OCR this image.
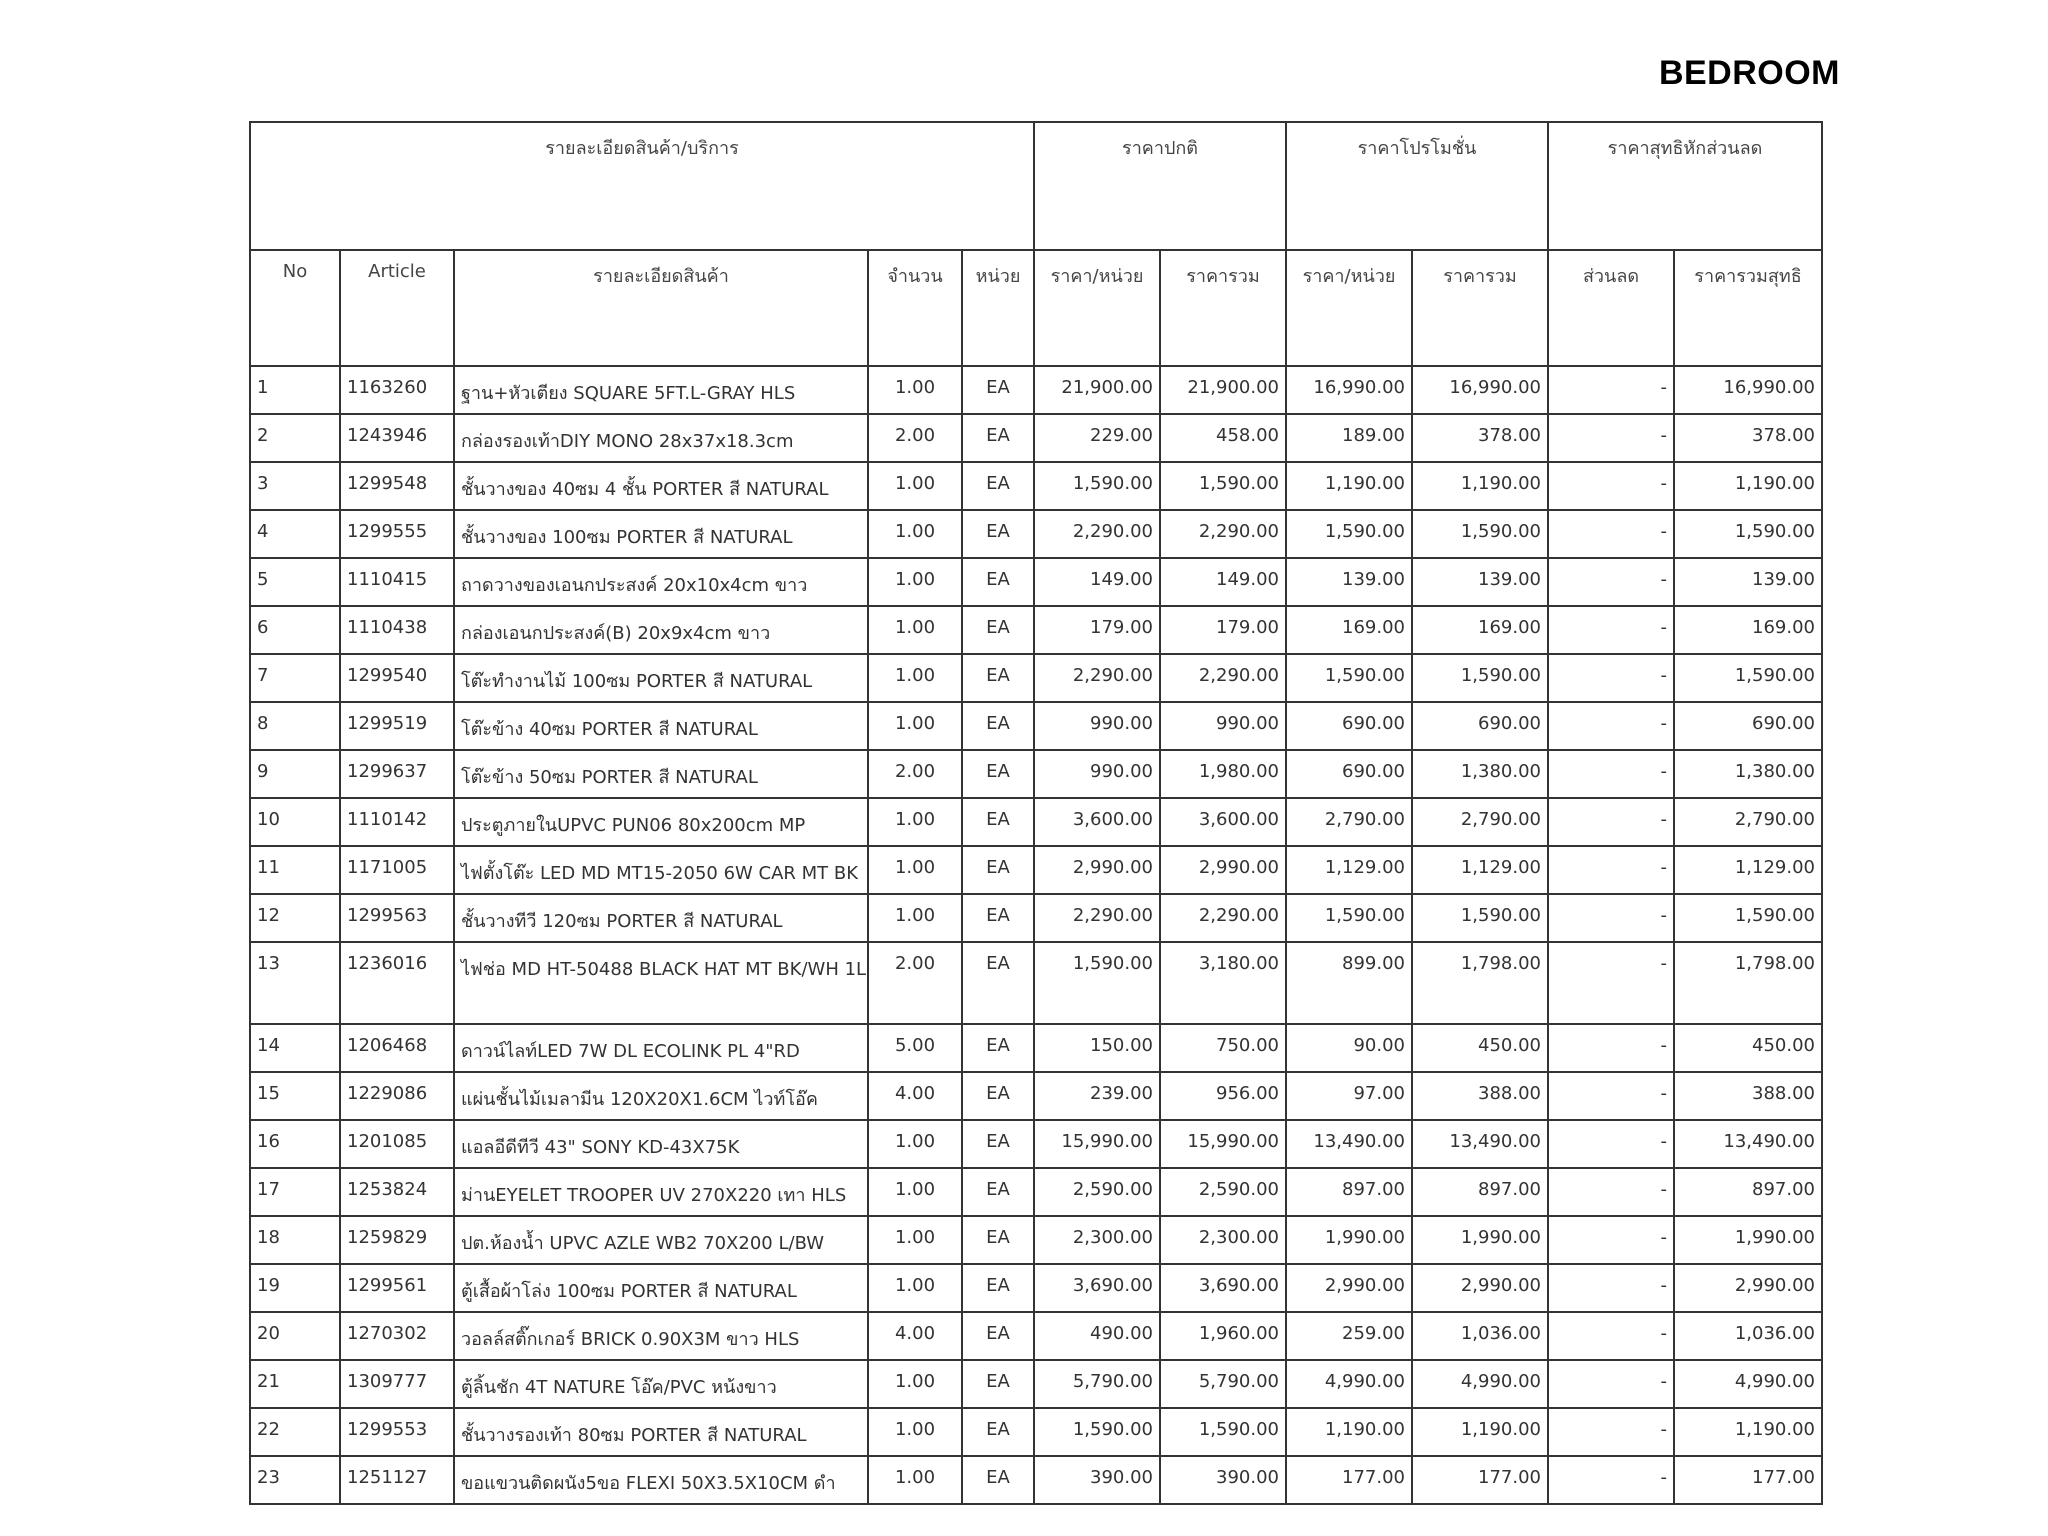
BEDROOM
รายละเอียดสินค้า/บริการ					ราคาปกติ		ราคาโปรโมชั่น		ราคาสุทธิหักส่วนลด	
No	Article	รายละเอียดสินค้า	จำนวน	หน่วย	ราคา/หน่วย	ราคารวม	ราคา/หน่วย	ราคารวม	ส่วนลด	ราคารวมสุทธิ
1	1163260	ฐาน+หัวเตียง SQUARE 5FT.L-GRAY HLS	1.00	EA	21,900.00	21,900.00	16,990.00	16,990.00	-	16,990.00
2	1243946	กล่องรองเท้าDIY MONO 28x37x18.3cm	2.00	EA	229.00	458.00	189.00	378.00	-	378.00
3	1299548	ชั้นวางของ 40ซม 4 ชั้น PORTER สี NATURAL	1.00	EA	1,590.00	1,590.00	1,190.00	1,190.00	-	1,190.00
4	1299555	ชั้นวางของ 100ซม PORTER สี NATURAL	1.00	EA	2,290.00	2,290.00	1,590.00	1,590.00	-	1,590.00
5	1110415	ถาดวางของเอนกประสงค์ 20x10x4cm ขาว	1.00	EA	149.00	149.00	139.00	139.00	-	139.00
6	1110438	กล่องเอนกประสงค์(B) 20x9x4cm ขาว	1.00	EA	179.00	179.00	169.00	169.00	-	169.00
7	1299540	โต๊ะทำงานไม้ 100ซม PORTER สี NATURAL	1.00	EA	2,290.00	2,290.00	1,590.00	1,590.00	-	1,590.00
8	1299519	โต๊ะข้าง 40ซม PORTER สี NATURAL	1.00	EA	990.00	990.00	690.00	690.00	-	690.00
9	1299637	โต๊ะข้าง 50ซม PORTER สี NATURAL	2.00	EA	990.00	1,980.00	690.00	1,380.00	-	1,380.00
10	1110142	ประตูภายในUPVC PUN06 80x200cm MP	1.00	EA	3,600.00	3,600.00	2,790.00	2,790.00	-	2,790.00
11	1171005	ไฟตั้งโต๊ะ LED MD MT15-2050 6W CAR MT BK	1.00	EA	2,990.00	2,990.00	1,129.00	1,129.00	-	1,129.00
12	1299563	ชั้นวางทีวี 120ซม PORTER สี NATURAL	1.00	EA	2,290.00	2,290.00	1,590.00	1,590.00	-	1,590.00
13	1236016	ไฟช่อ MD HT-50488 BLACK HAT MT BK/WH 1L	2.00	EA	1,590.00	3,180.00	899.00	1,798.00	-	1,798.00
14	1206468	ดาวน์ไลท์LED 7W DL ECOLINK PL 4"RD	5.00	EA	150.00	750.00	90.00	450.00	-	450.00
15	1229086	แผ่นชั้นไม้เมลามีน 120X20X1.6CM ไวท์โอ๊ค	4.00	EA	239.00	956.00	97.00	388.00	-	388.00
16	1201085	แอลอีดีทีวี 43" SONY KD-43X75K	1.00	EA	15,990.00	15,990.00	13,490.00	13,490.00	-	13,490.00
17	1253824	ม่านEYELET TROOPER UV 270X220 เทา HLS	1.00	EA	2,590.00	2,590.00	897.00	897.00	-	897.00
18	1259829	ปต.ห้องน้ำ UPVC AZLE WB2 70X200 L/BW	1.00	EA	2,300.00	2,300.00	1,990.00	1,990.00	-	1,990.00
19	1299561	ตู้เสื้อผ้าโล่ง 100ซม PORTER สี NATURAL	1.00	EA	3,690.00	3,690.00	2,990.00	2,990.00	-	2,990.00
20	1270302	วอลล์สติ๊กเกอร์ BRICK 0.90X3M ขาว HLS	4.00	EA	490.00	1,960.00	259.00	1,036.00	-	1,036.00
21	1309777	ตู้ลิ้นชัก 4T NATURE โอ๊ค/PVC หน้งขาว	1.00	EA	5,790.00	5,790.00	4,990.00	4,990.00	-	4,990.00
22	1299553	ชั้นวางรองเท้า 80ซม PORTER สี NATURAL	1.00	EA	1,590.00	1,590.00	1,190.00	1,190.00	-	1,190.00
23	1251127	ขอแขวนติดผนัง5ขอ FLEXI 50X3.5X10CM ดำ	1.00	EA	390.00	390.00	177.00	177.00	-	177.00
